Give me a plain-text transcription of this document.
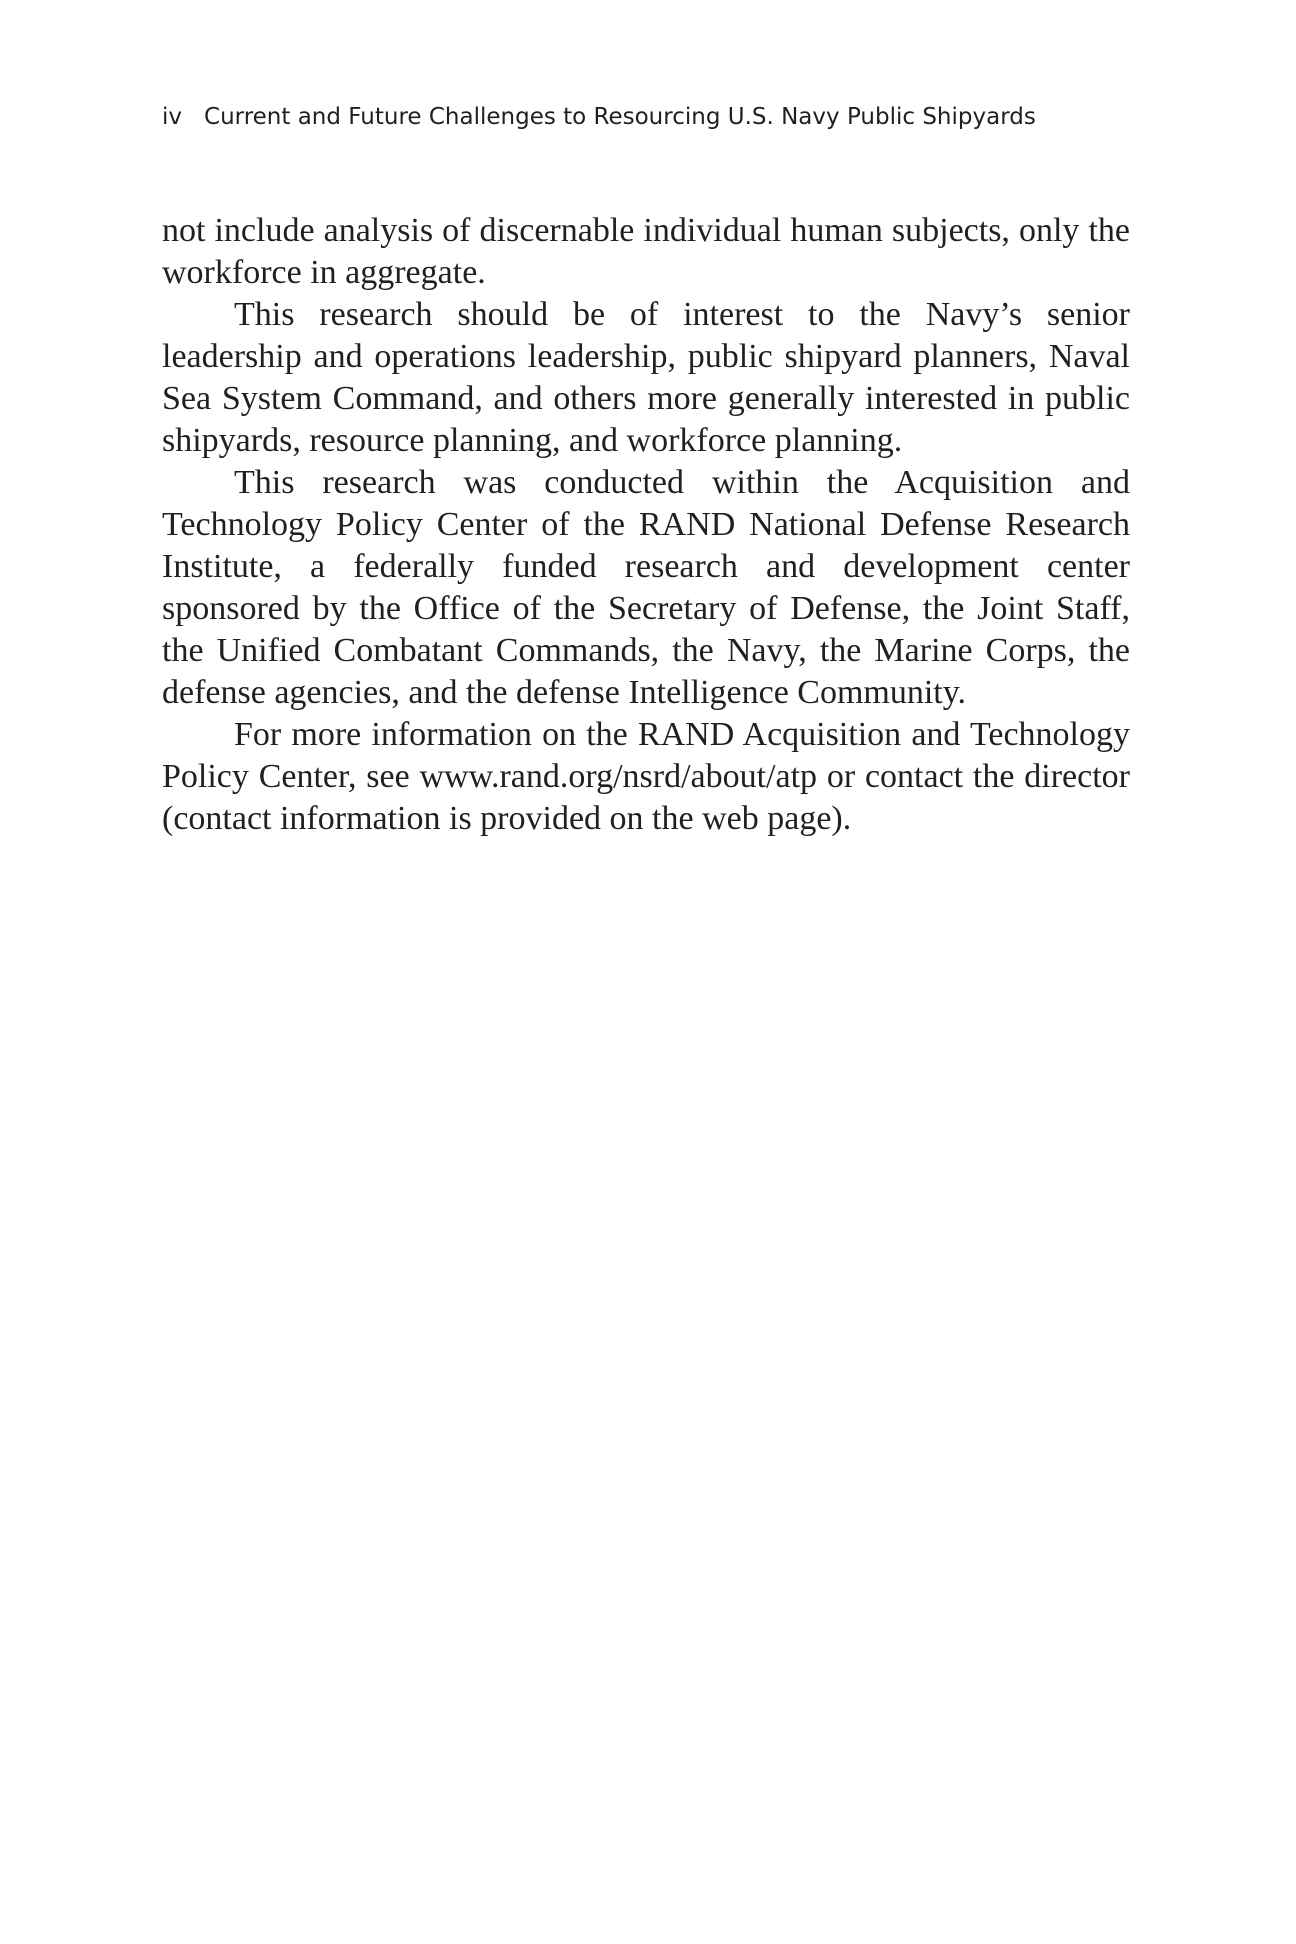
iv Current and Future Challenges to Resourcing U.S. Navy Public Shipyards

not include analysis of discernable individual human subjects, only the workforce in aggregate.

This research should be of interest to the Navy’s senior leadership and operations leadership, public shipyard planners, Naval Sea System Command, and others more generally interested in public shipyards, resource planning, and workforce planning.

This research was conducted within the Acquisition and Technology Policy Center of the RAND National Defense Research Institute, a federally funded research and development center sponsored by the Office of the Secretary of Defense, the Joint Staff, the Unified Combatant Commands, the Navy, the Marine Corps, the defense agencies, and the defense Intelligence Community.

For more information on the RAND Acquisition and Technology Policy Center, see www.rand.org/nsrd/about/atp or contact the director (contact information is provided on the web page).
